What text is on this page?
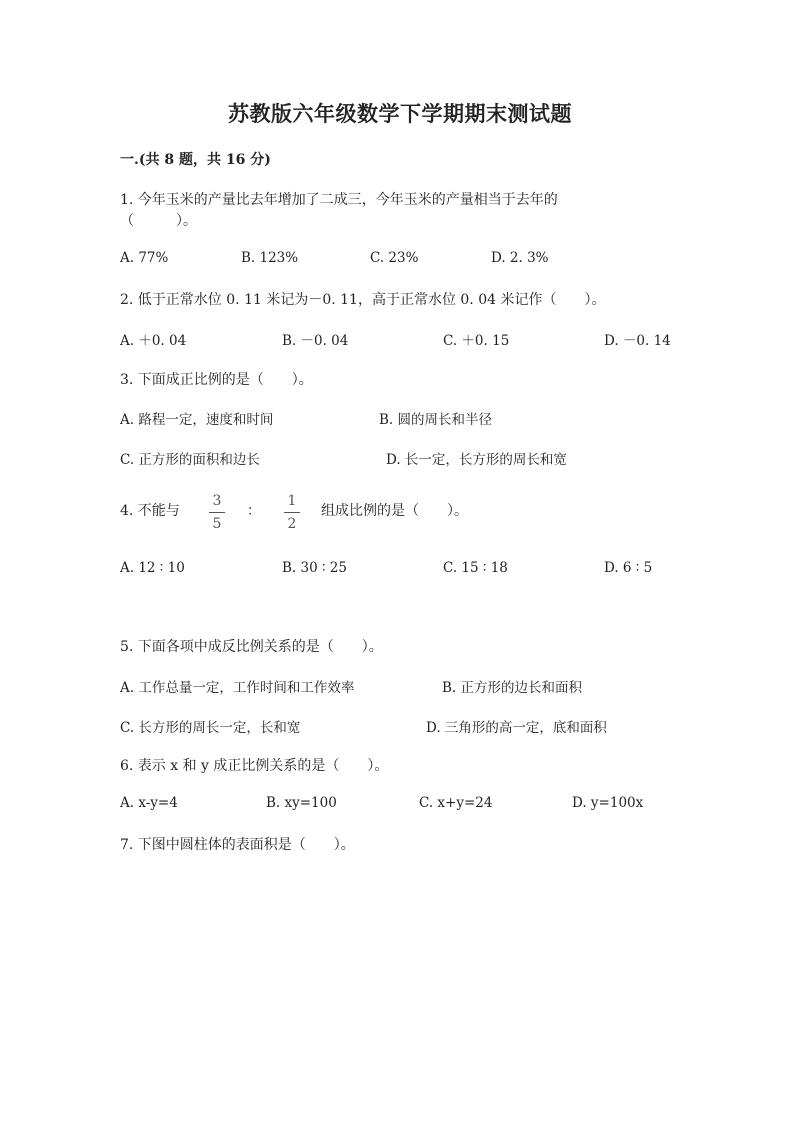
苏教版六年级数学下学期期末测试题
一.(共 8 题，共 16 分)
1. 今年玉米的产量比去年增加了二成三，今年玉米的产量相当于去年的
（　　　）。
A. 77%	B. 123%	C. 23%	D. 2. 3%
2. 低于正常水位 0. 11 米记为－0. 11，高于正常水位 0. 04 米记作（　　）。
A. ＋0. 04	B. －0. 04	C. ＋0. 15	D. －0. 14
3. 下面成正比例的是（　　）。
A. 路程一定，速度和时间	B. 圆的周长和半径
C. 正方形的面积和边长	D. 长一定，长方形的周长和宽
4. 不能与
3
5
：
1
2
组成比例的是（　　）。
A. 12 ∶ 10	B. 30 ∶ 25	C. 15 ∶ 18	D. 6 ∶ 5
5. 下面各项中成反比例关系的是（　　）。
A. 工作总量一定，工作时间和工作效率	B. 正方形的边长和面积
C. 长方形的周长一定，长和宽	D. 三角形的高一定，底和面积
6. 表示 x 和 y 成正比例关系的是（　　）。
A. x-y=4	B. xy=100	C. x+y=24	D. y=100x
7. 下图中圆柱体的表面积是（　　）。
